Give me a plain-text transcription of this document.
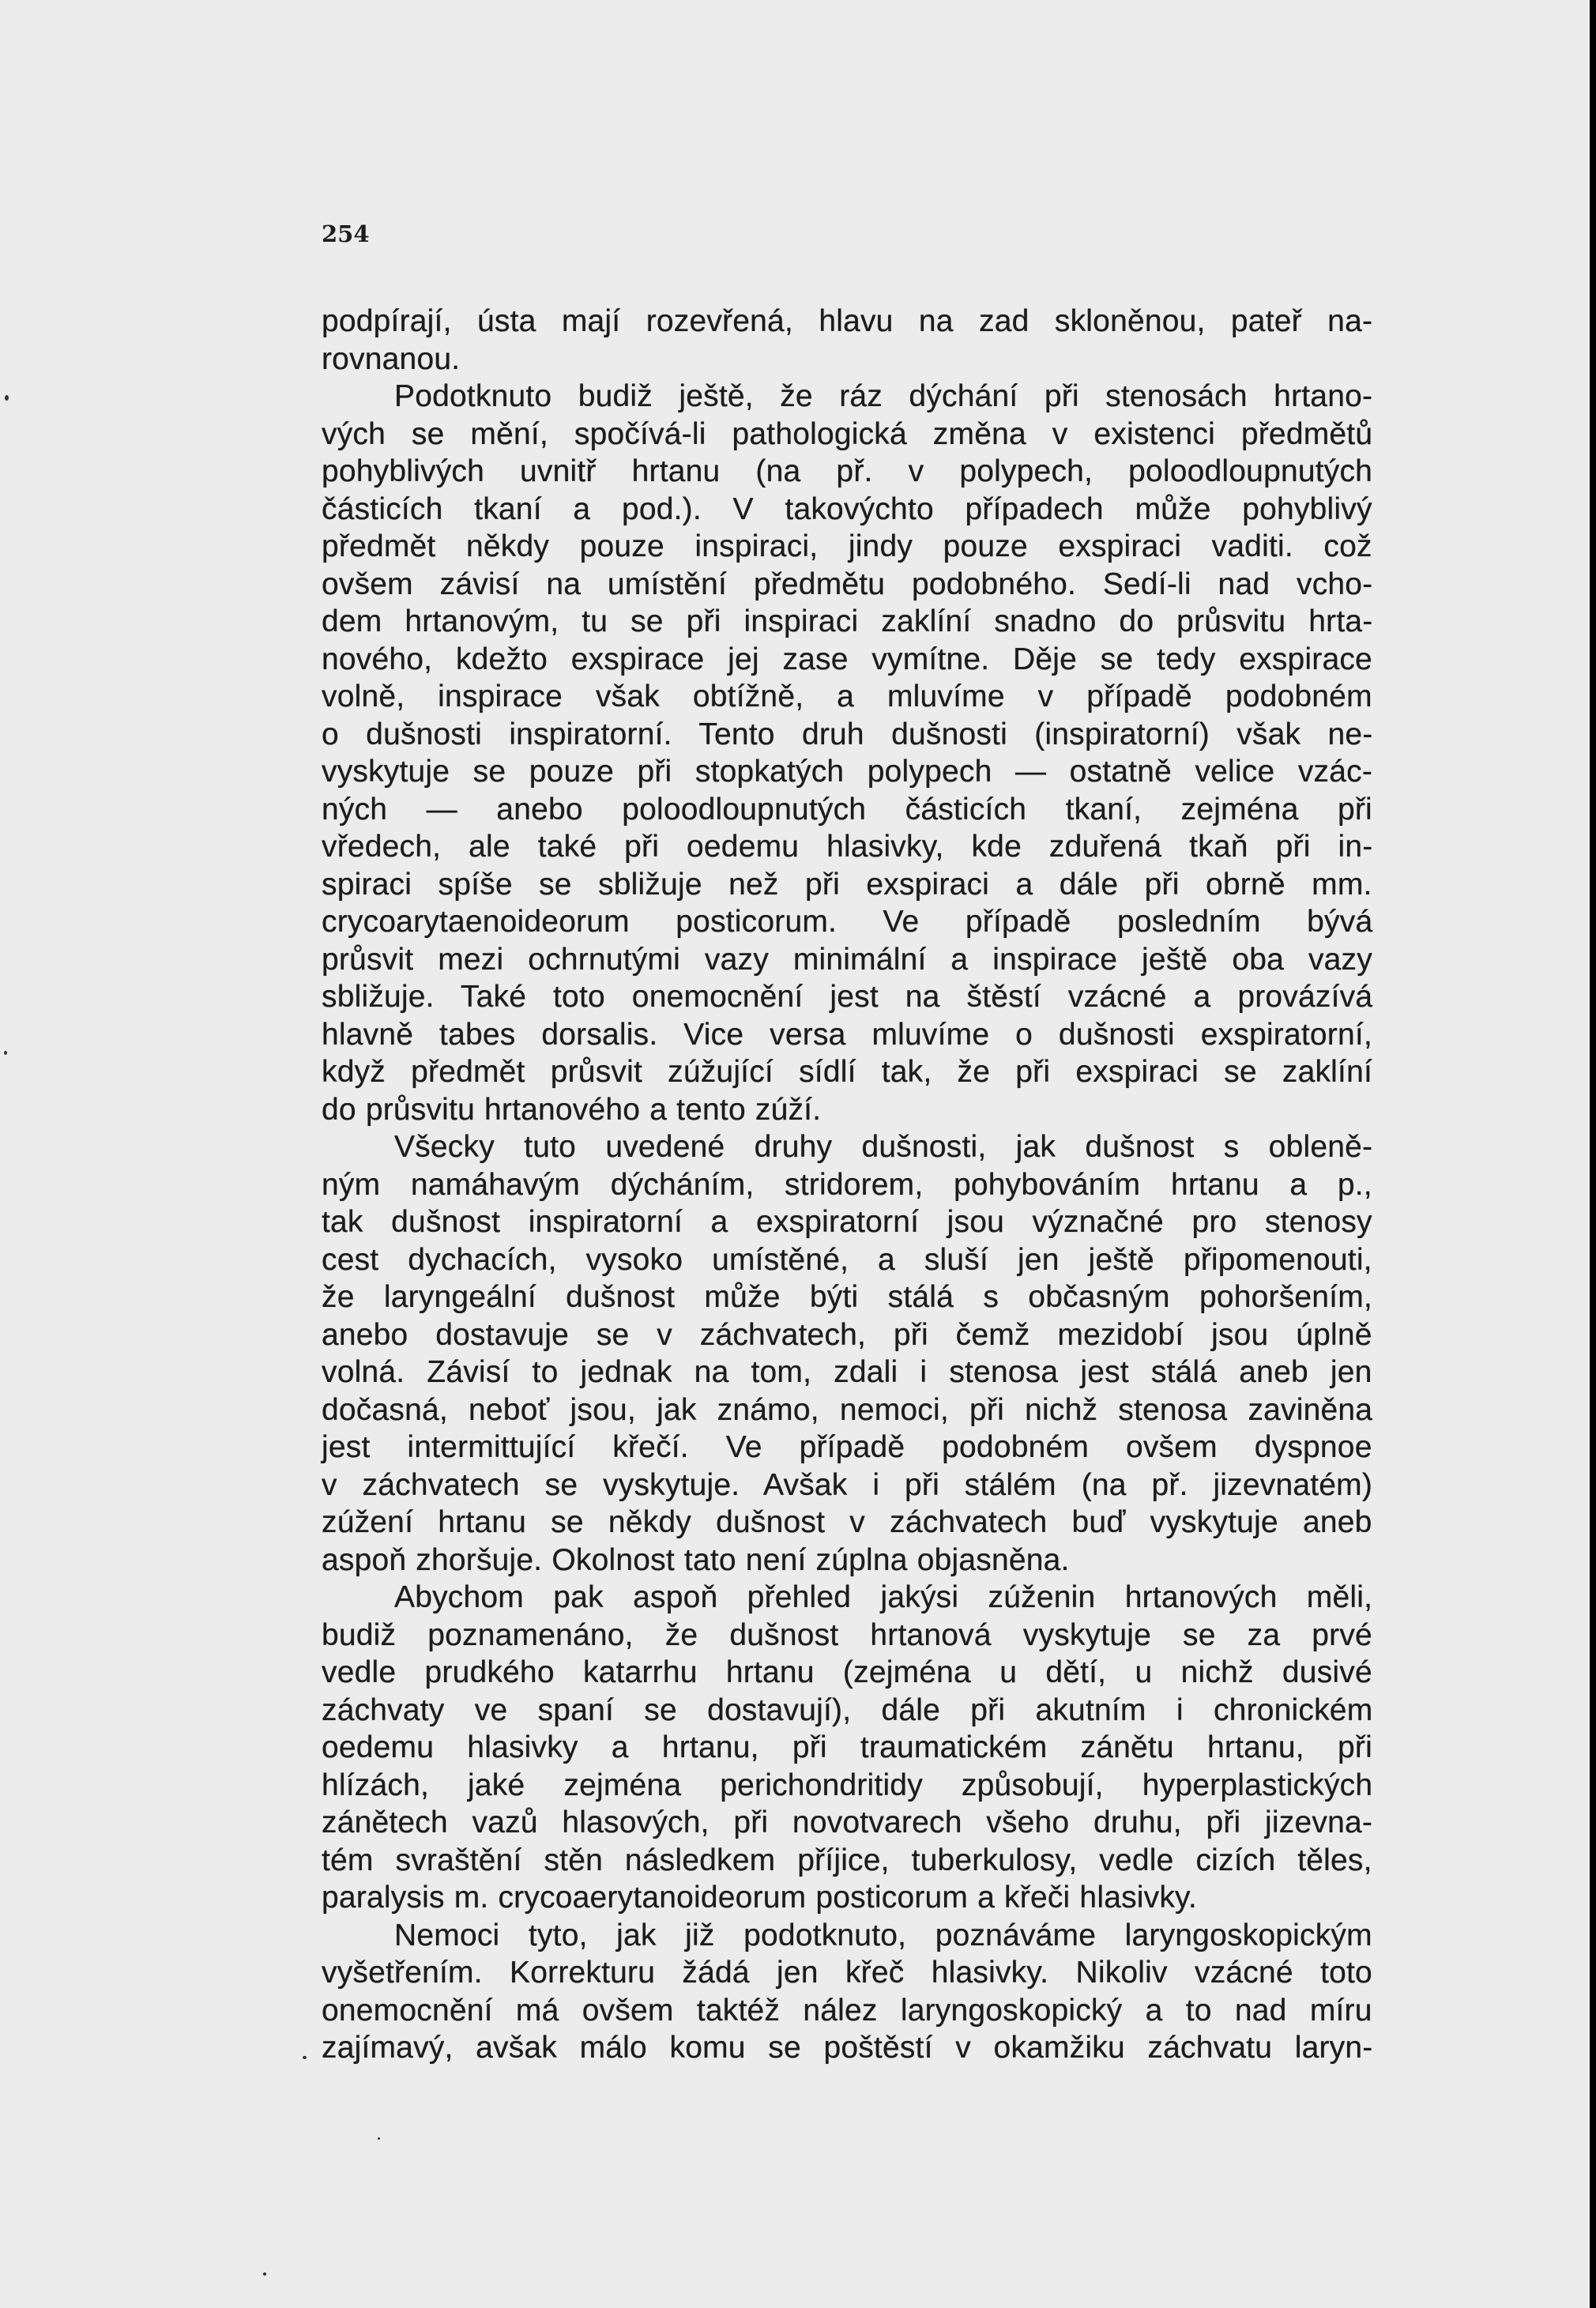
254
podpírají, ústa mají rozevřená, hlavu na zad skloněnou, pateř na-
rovnanou.
Podotknuto budiž ještě, že ráz dýchání při stenosách hrtano-
vých se mění, spočívá-li pathologická změna v existenci předmětů
pohyblivých uvnitř hrtanu (na př. v polypech, poloodloupnutých
částicích tkaní a pod.). V takovýchto případech může pohyblivý
předmět někdy pouze inspiraci, jindy pouze exspiraci vaditi. což
ovšem závisí na umístění předmětu podobného. Sedí-li nad vcho-
dem hrtanovým, tu se při inspiraci zaklíní snadno do průsvitu hrta-
nového, kdežto exspirace jej zase vymítne. Děje se tedy exspirace
volně, inspirace však obtížně, a mluvíme v případě podobném
o dušnosti inspiratorní. Tento druh dušnosti (inspiratorní) však ne-
vyskytuje se pouze při stopkatých polypech — ostatně velice vzác-
ných — anebo poloodloupnutých částicích tkaní, zejména při
vředech, ale také při oedemu hlasivky, kde zduřená tkaň při in-
spiraci spíše se sbližuje než při exspiraci a dále při obrně mm.
crycoarytaenoideorum posticorum. Ve případě posledním bývá
průsvit mezi ochrnutými vazy minimální a inspirace ještě oba vazy
sbližuje. Také toto onemocnění jest na štěstí vzácné a provázívá
hlavně tabes dorsalis. Vice versa mluvíme o dušnosti exspiratorní,
když předmět průsvit zúžující sídlí tak, že při exspiraci se zaklíní
do průsvitu hrtanového a tento zúží.
Všecky tuto uvedené druhy dušnosti, jak dušnost s obleně-
ným namáhavým dýcháním, stridorem, pohybováním hrtanu a p.,
tak dušnost inspiratorní a exspiratorní jsou význačné pro stenosy
cest dychacích, vysoko umístěné, a sluší jen ještě připomenouti,
že laryngeální dušnost může býti stálá s občasným pohoršením,
anebo dostavuje se v záchvatech, při čemž mezidobí jsou úplně
volná. Závisí to jednak na tom, zdali i stenosa jest stálá aneb jen
dočasná, neboť jsou, jak známo, nemoci, při nichž stenosa zaviněna
jest intermittující křečí. Ve případě podobném ovšem dyspnoe
v záchvatech se vyskytuje. Avšak i při stálém (na př. jizevnatém)
zúžení hrtanu se někdy dušnost v záchvatech buď vyskytuje aneb
aspoň zhoršuje. Okolnost tato není zúplna objasněna.
Abychom pak aspoň přehled jakýsi zúženin hrtanových měli,
budiž poznamenáno, že dušnost hrtanová vyskytuje se za prvé
vedle prudkého katarrhu hrtanu (zejména u dětí, u nichž dusivé
záchvaty ve spaní se dostavují), dále při akutním i chronickém
oedemu hlasivky a hrtanu, při traumatickém zánětu hrtanu, při
hlízách, jaké zejména perichondritidy způsobují, hyperplastických
zánětech vazů hlasových, při novotvarech všeho druhu, při jizevna-
tém svraštění stěn následkem příjice, tuberkulosy, vedle cizích těles,
paralysis m. crycoaerytanoideorum posticorum a křeči hlasivky.
Nemoci tyto, jak již podotknuto, poznáváme laryngoskopickým
vyšetřením. Korrekturu žádá jen křeč hlasivky. Nikoliv vzácné toto
onemocnění má ovšem taktéž nález laryngoskopický a to nad míru
zajímavý, avšak málo komu se poštěstí v okamžiku záchvatu laryn-
